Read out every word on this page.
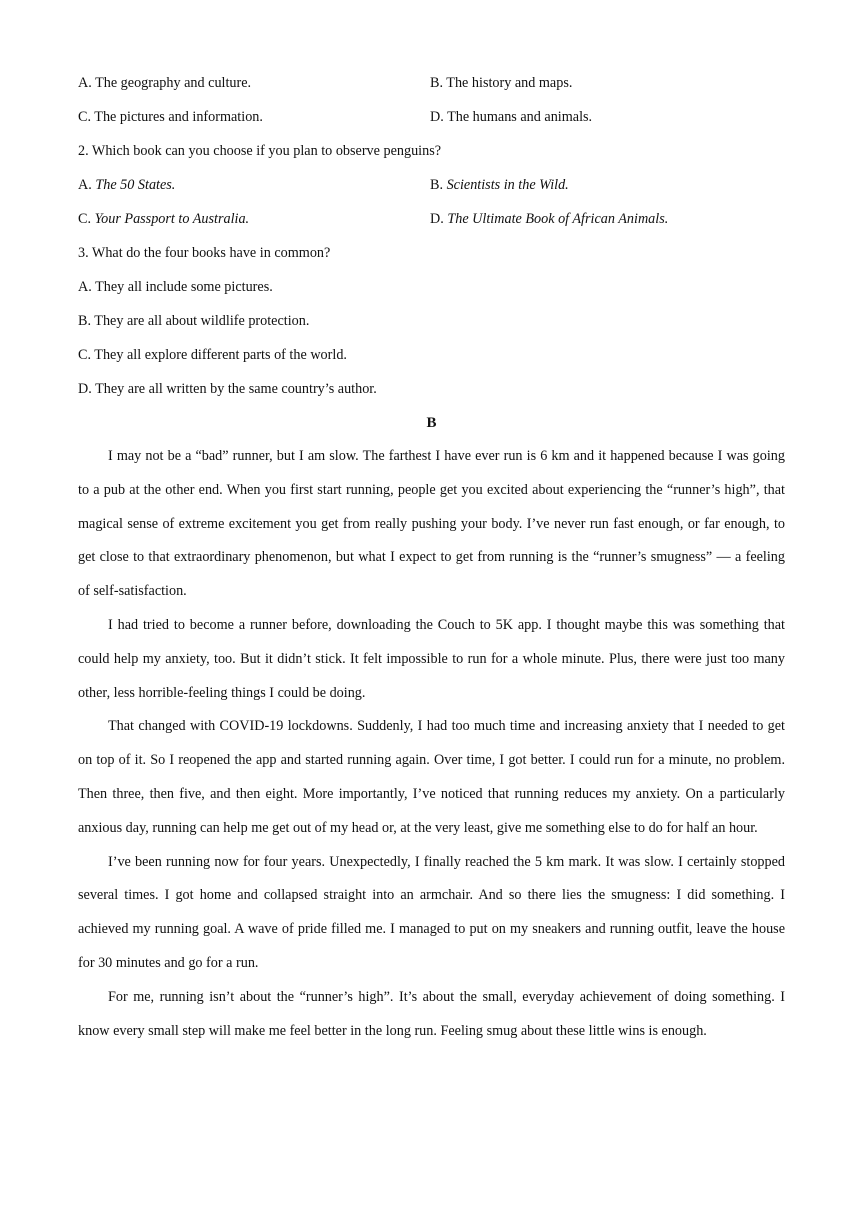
A. The geography and culture.	B. The history and maps.
C. The pictures and information.	D. The humans and animals.
2. Which book can you choose if you plan to observe penguins?
A. The 50 States.	B. Scientists in the Wild.
C. Your Passport to Australia.	D. The Ultimate Book of African Animals.
3. What do the four books have in common?
A. They all include some pictures.
B. They are all about wildlife protection.
C. They all explore different parts of the world.
D. They are all written by the same country’s author.
B

I may not be a “bad” runner, but I am slow. The farthest I have ever run is 6 km and it happened because I was going to a pub at the other end. When you first start running, people get you excited about experiencing the “runner’s high”, that magical sense of extreme excitement you get from really pushing your body. I’ve never run fast enough, or far enough, to get close to that extraordinary phenomenon, but what I expect to get from running is the “runner’s smugness” — a feeling of self-satisfaction.

I had tried to become a runner before, downloading the Couch to 5K app. I thought maybe this was something that could help my anxiety, too. But it didn’t stick. It felt impossible to run for a whole minute. Plus, there were just too many other, less horrible-feeling things I could be doing.

That changed with COVID-19 lockdowns. Suddenly, I had too much time and increasing anxiety that I needed to get on top of it. So I reopened the app and started running again. Over time, I got better. I could run for a minute, no problem. Then three, then five, and then eight. More importantly, I’ve noticed that running reduces my anxiety. On a particularly anxious day, running can help me get out of my head or, at the very least, give me something else to do for half an hour.

I’ve been running now for four years. Unexpectedly, I finally reached the 5 km mark. It was slow. I certainly stopped several times. I got home and collapsed straight into an armchair. And so there lies the smugness: I did something. I achieved my running goal. A wave of pride filled me. I managed to put on my sneakers and running outfit, leave the house for 30 minutes and go for a run.

For me, running isn’t about the “runner’s high”. It’s about the small, everyday achievement of doing something. I know every small step will make me feel better in the long run. Feeling smug about these little wins is enough.
